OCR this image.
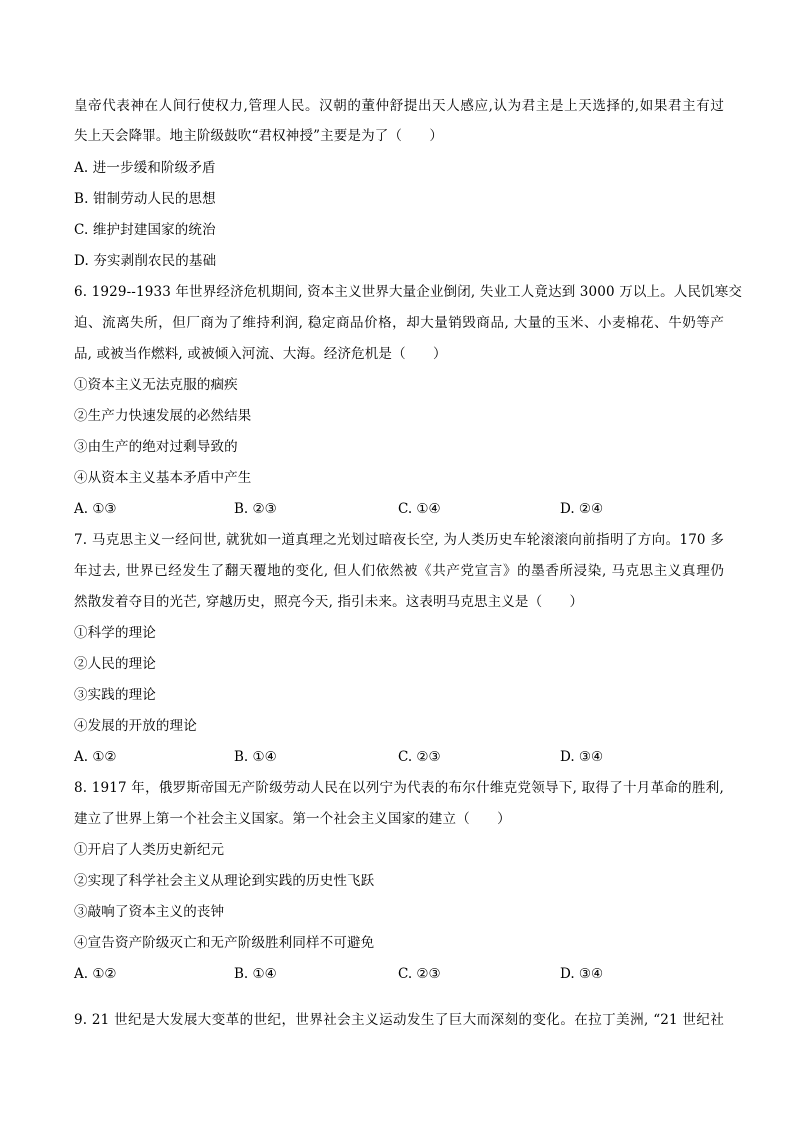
皇帝代表神在人间行使权力,管理人民。汉朝的董仲舒提出天人感应,认为君主是上天选择的,如果君主有过
失上天会降罪。地主阶级鼓吹“君权神授”主要是为了（　　）
A. 进一步缓和阶级矛盾
B. 钳制劳动人民的思想
C. 维护封建国家的统治
D. 夯实剥削农民的基础
6. 1929--1933 年世界经济危机期间, 资本主义世界大量企业倒闭, 失业工人竟达到 3000 万以上。人民饥寒交
迫、流离失所，但厂商为了维持利润, 稳定商品价格，却大量销毁商品, 大量的玉米、小麦棉花、牛奶等产
品, 或被当作燃料, 或被倾入河流、大海。经济危机是（　　）
①资本主义无法克服的痼疾
②生产力快速发展的必然结果
③由生产的绝对过剩导致的
④从资本主义基本矛盾中产生
A. ①③	B. ②③	C. ①④	D. ②④
7. 马克思主义一经问世, 就犹如一道真理之光划过暗夜长空, 为人类历史车轮滚滚向前指明了方向。170 多
年过去, 世界已经发生了翻天覆地的变化, 但人们依然被《共产党宣言》的墨香所浸染, 马克思主义真理仍
然散发着夺目的光芒, 穿越历史，照亮今天, 指引未来。这表明马克思主义是（　　）
①科学的理论
②人民的理论
③实践的理论
④发展的开放的理论
A. ①②	B. ①④	C. ②③	D. ③④
8. 1917 年，俄罗斯帝国无产阶级劳动人民在以列宁为代表的布尔什维克党领导下, 取得了十月革命的胜利,
建立了世界上第一个社会主义国家。第一个社会主义国家的建立（　　）
①开启了人类历史新纪元
②实现了科学社会主义从理论到实践的历史性飞跃
③敲响了资本主义的丧钟
④宣告资产阶级灭亡和无产阶级胜利同样不可避免
A. ①②	B. ①④	C. ②③	D. ③④
9. 21 世纪是大发展大变革的世纪，世界社会主义运动发生了巨大而深刻的变化。在拉丁美洲, “21 世纪社
